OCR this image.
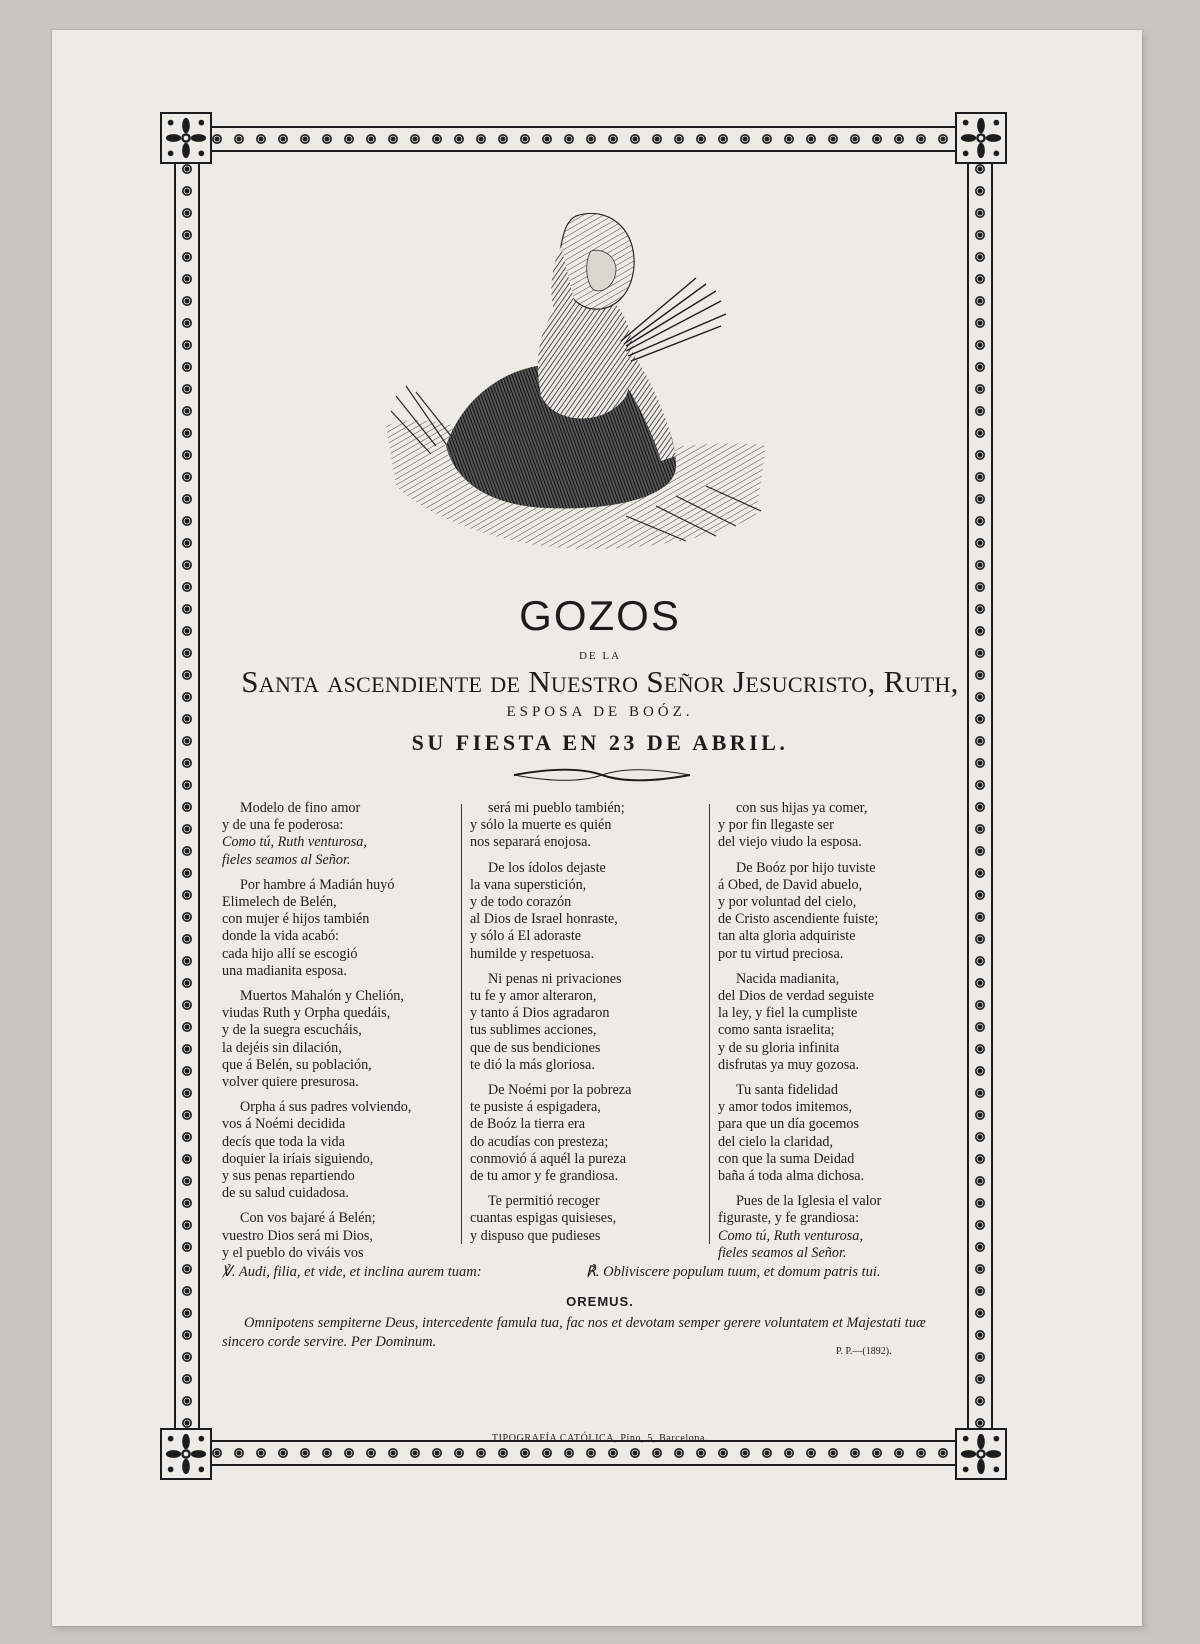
GOZOS
DE LA
Santa ascendiente de Nuestro Señor Jesucristo, Ruth,
ESPOSA DE BOÓZ.
SU FIESTA EN 23 DE ABRIL.
Modelo de fino amor
y de una fe poderosa:
Como tú, Ruth venturosa,
fieles seamos al Señor.
Por hambre á Madián huyó
Elimelech de Belén,
con mujer é hijos también
donde la vida acabó:
cada hijo allí se escogió
una madianita esposa.
Muertos Mahalón y Chelión,
viudas Ruth y Orpha quedáis,
y de la suegra escucháis,
la dejéis sin dilación,
que á Belén, su población,
volver quiere presurosa.
Orpha á sus padres volviendo,
vos á Noémi decidida
decís que toda la vida
doquier la iríais siguiendo,
y sus penas repartiendo
de su salud cuidadosa.
Con vos bajaré á Belén;
vuestro Dios será mi Dios,
y el pueblo do viváis vos
será mi pueblo también;
y sólo la muerte es quién
nos separará enojosa.
De los ídolos dejaste
la vana superstición,
y de todo corazón
al Dios de Israel honraste,
y sólo á El adoraste
humilde y respetuosa.
Ni penas ni privaciones
tu fe y amor alteraron,
y tanto á Dios agradaron
tus sublimes acciones,
que de sus bendiciones
te dió la más gloriosa.
De Noémi por la pobreza
te pusiste á espigadera,
de Boóz la tierra era
do acudías con presteza;
conmovió á aquél la pureza
de tu amor y fe grandiosa.
Te permitió recoger
cuantas espigas quisieses,
y dispuso que pudieses
con sus hijas ya comer,
y por fin llegaste ser
del viejo viudo la esposa.
De Boóz por hijo tuviste
á Obed, de David abuelo,
y por voluntad del cielo,
de Cristo ascendiente fuiste;
tan alta gloria adquiriste
por tu virtud preciosa.
Nacida madianita,
del Dios de verdad seguiste
la ley, y fiel la cumpliste
como santa israelita;
y de su gloria infinita
disfrutas ya muy gozosa.
Tu santa fidelidad
y amor todos imitemos,
para que un día gocemos
del cielo la claridad,
con que la suma Deidad
baña á toda alma dichosa.
Pues de la Iglesia el valor
figuraste, y fe grandiosa:
Como tú, Ruth venturosa,
fieles seamos al Señor.
℣. Audi, filia, et vide, et inclina aurem tuam:	℟. Obliviscere populum tuum, et domum patris tui.
OREMUS.
Omnipotens sempiterne Deus, intercedente famula tua, fac nos et devotam semper gerere voluntatem et Majestati tuæ sincero corde servire. Per Dominum.
P. P.—(1892).
TIPOGRAFÍA CATÓLICA, Pino, 5, Barcelona.
